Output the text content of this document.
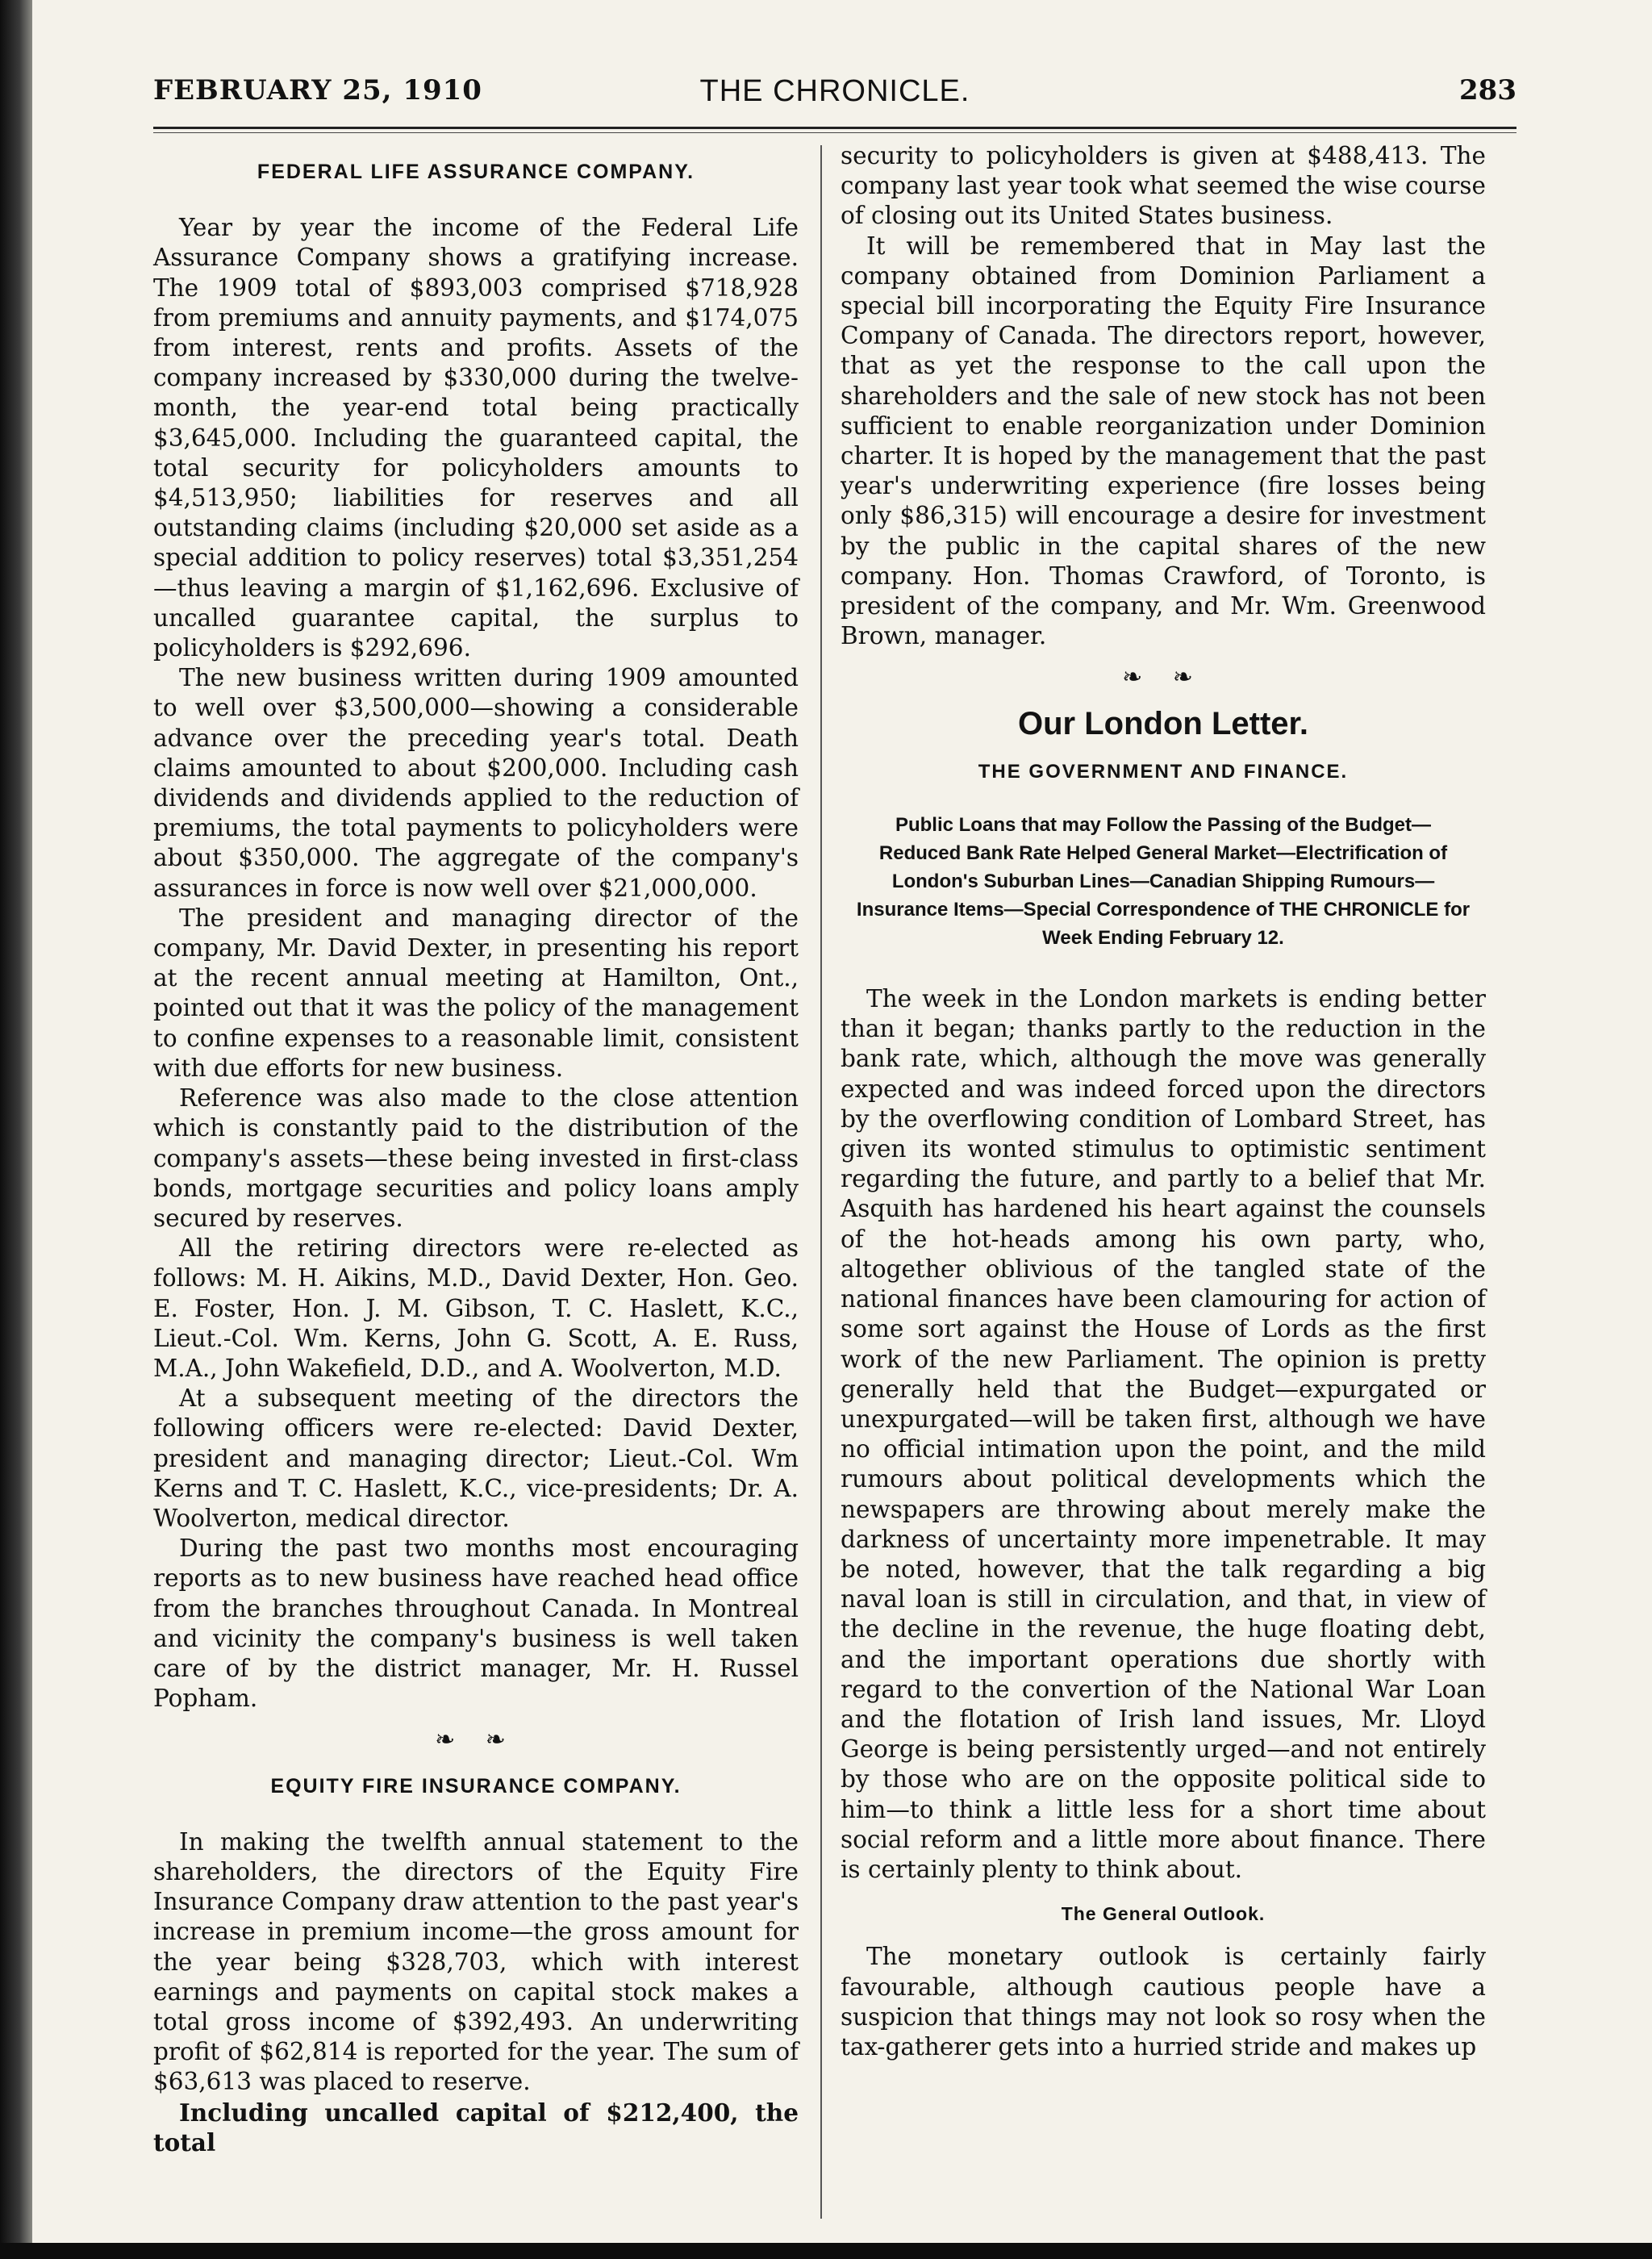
FEBRUARY 25, 1910	THE CHRONICLE.	283
FEDERAL LIFE ASSURANCE COMPANY.

Year by year the income of the Federal Life Assurance Company shows a gratifying increase. The 1909 total of $893,003 comprised $718,928 from premiums and annuity payments, and $174,075 from interest, rents and profits. Assets of the company increased by $330,000 during the twelve-month, the year-end total being practically $3,645,000. Including the guaranteed capital, the total security for policyholders amounts to $4,513,950; liabilities for reserves and all outstanding claims (including $20,000 set aside as a special addition to policy reserves) total $3,351,254—thus leaving a margin of $1,162,696. Exclusive of uncalled guarantee capital, the surplus to policyholders is $292,696.

The new business written during 1909 amounted to well over $3,500,000—showing a considerable advance over the preceding year's total. Death claims amounted to about $200,000. Including cash dividends and dividends applied to the reduction of premiums, the total payments to policyholders were about $350,000. The aggregate of the company's assurances in force is now well over $21,000,000.

The president and managing director of the company, Mr. David Dexter, in presenting his report at the recent annual meeting at Hamilton, Ont., pointed out that it was the policy of the management to confine expenses to a reasonable limit, consistent with due efforts for new business.

Reference was also made to the close attention which is constantly paid to the distribution of the company's assets—these being invested in first-class bonds, mortgage securities and policy loans amply secured by reserves.

All the retiring directors were re-elected as follows: M. H. Aikins, M.D., David Dexter, Hon. Geo. E. Foster, Hon. J. M. Gibson, T. C. Haslett, K.C., Lieut.-Col. Wm. Kerns, John G. Scott, A. E. Russ, M.A., John Wakefield, D.D., and A. Woolverton, M.D.

At a subsequent meeting of the directors the following officers were re-elected: David Dexter, president and managing director; Lieut.-Col. Wm Kerns and T. C. Haslett, K.C., vice-presidents; Dr. A. Woolverton, medical director.

During the past two months most encouraging reports as to new business have reached head office from the branches throughout Canada. In Montreal and vicinity the company's business is well taken care of by the district manager, Mr. H. Russel Popham.

❧ ❧
EQUITY FIRE INSURANCE COMPANY.

In making the twelfth annual statement to the shareholders, the directors of the Equity Fire Insurance Company draw attention to the past year's increase in premium income—the gross amount for the year being $328,703, which with interest earnings and payments on capital stock makes a total gross income of $392,493. An underwriting profit of $62,814 is reported for the year. The sum of $63,613 was placed to reserve.

Including uncalled capital of $212,400, the total

security to policyholders is given at $488,413. The company last year took what seemed the wise course of closing out its United States business.

It will be remembered that in May last the company obtained from Dominion Parliament a special bill incorporating the Equity Fire Insurance Company of Canada. The directors report, however, that as yet the response to the call upon the shareholders and the sale of new stock has not been sufficient to enable reorganization under Dominion charter. It is hoped by the management that the past year's underwriting experience (fire losses being only $86,315) will encourage a desire for investment by the public in the capital shares of the new company. Hon. Thomas Crawford, of Toronto, is president of the company, and Mr. Wm. Greenwood Brown, manager.

❧ ❧
Our London Letter.
THE GOVERNMENT AND FINANCE.
Public Loans that may Follow the Passing of the Budget—Reduced Bank Rate Helped General Market—Electrification of London's Suburban Lines—Canadian Shipping Rumours—Insurance Items—Special Correspondence of THE CHRONICLE for Week Ending February 12.

The week in the London markets is ending better than it began; thanks partly to the reduction in the bank rate, which, although the move was generally expected and was indeed forced upon the directors by the overflowing condition of Lombard Street, has given its wonted stimulus to optimistic sentiment regarding the future, and partly to a belief that Mr. Asquith has hardened his heart against the counsels of the hot-heads among his own party, who, altogether oblivious of the tangled state of the national finances have been clamouring for action of some sort against the House of Lords as the first work of the new Parliament. The opinion is pretty generally held that the Budget—expurgated or unexpurgated—will be taken first, although we have no official intimation upon the point, and the mild rumours about political developments which the newspapers are throwing about merely make the darkness of uncertainty more impenetrable. It may be noted, however, that the talk regarding a big naval loan is still in circulation, and that, in view of the decline in the revenue, the huge floating debt, and the important operations due shortly with regard to the convertion of the National War Loan and the flotation of Irish land issues, Mr. Lloyd George is being persistently urged—and not entirely by those who are on the opposite political side to him—to think a little less for a short time about social reform and a little more about finance. There is certainly plenty to think about.

The General Outlook.

The monetary outlook is certainly fairly favourable, although cautious people have a suspicion that things may not look so rosy when the tax-gatherer gets into a hurried stride and makes up
